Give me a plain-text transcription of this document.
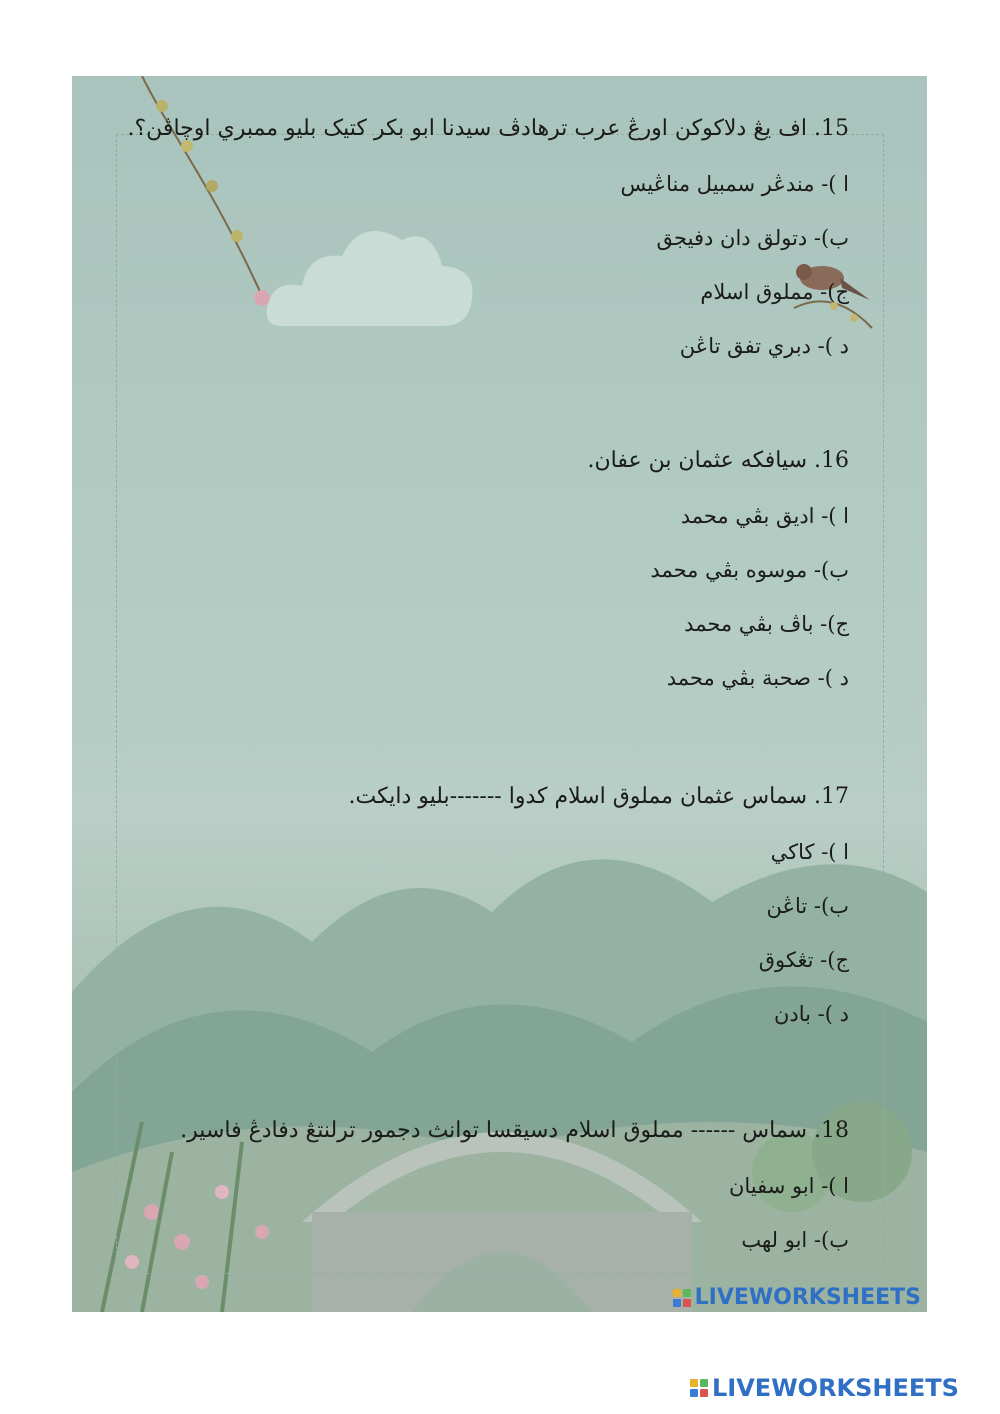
15. اف يڠ دلاكوكن اورڠ عرب ترهادڤ سيدنا ابو بكر كتيک بليو ممبري اوچاڤن؟.
ا )- مندڠر سمبيل مناڠيس
ب)- دتولق دان دفيجق
ج)- مملوق اسلام
د )- دبري تفق تاڠن
16. سيافكه عثمان بن عفان.
ا )- اديق بڤي محمد
ب)- موسوه بڤي محمد
ج)- باڤ بڤي محمد
د )- صحبة بڤي محمد
17. سماس عثمان مملوق اسلام كدوا -------بليو دايكت.
ا )- كاكي
ب)- تاڠن
ج)- تڠكوق
د )- بادن
18. سماس ------ مملوق اسلام دسيقسا توانث دجمور ترلنتڠ دفادڠ فاسير.
ا )- ابو سفيان
ب)- ابو لهب
LIVEWORKSHEETS
LIVEWORKSHEETS
